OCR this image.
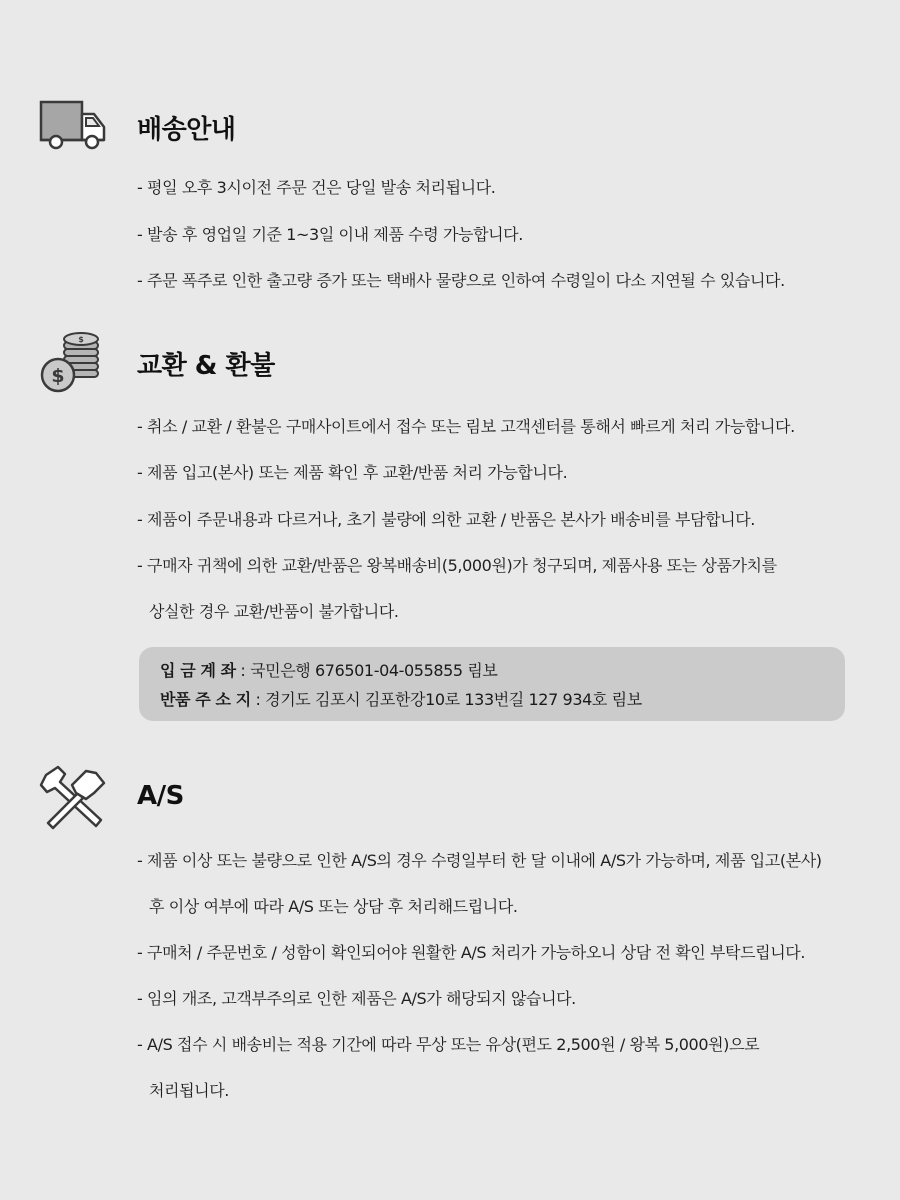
배송안내

- 평일 오후 3시이전 주문 건은 당일 발송 처리됩니다.

- 발송 후 영업일 기준 1~3일 이내 제품 수령 가능합니다.

- 주문 폭주로 인한 출고량 증가 또는 택배사 물량으로 인하여 수령일이 다소 지연될 수 있습니다.

$
$	교환 & 환불

- 취소 / 교환 / 환불은 구매사이트에서 접수 또는 림보 고객센터를 통해서 빠르게 처리 가능합니다.

- 제품 입고(본사) 또는 제품 확인 후 교환/반품 처리 가능합니다.

- 제품이 주문내용과 다르거나, 초기 불량에 의한 교환 / 반품은 본사가 배송비를 부담합니다.

- 구매자 귀책에 의한 교환/반품은 왕복배송비(5,000원)가 청구되며, 제품사용 또는 상품가치를

상실한 경우 교환/반품이 불가합니다.

입 금 계 좌 : 국민은행 676501-04-055855 림보
반품 주 소 지 : 경기도 김포시 김포한강10로 133번길 127 934호 림보
A/S

- 제품 이상 또는 불량으로 인한 A/S의 경우 수령일부터 한 달 이내에 A/S가 가능하며, 제품 입고(본사)

후 이상 여부에 따라 A/S 또는 상담 후 처리해드립니다.

- 구매처 / 주문번호 / 성함이 확인되어야 원활한 A/S 처리가 가능하오니 상담 전 확인 부탁드립니다.

- 임의 개조, 고객부주의로 인한 제품은 A/S가 해당되지 않습니다.

- A/S 접수 시 배송비는 적용 기간에 따라 무상 또는 유상(편도 2,500원 / 왕복 5,000원)으로

처리됩니다.
